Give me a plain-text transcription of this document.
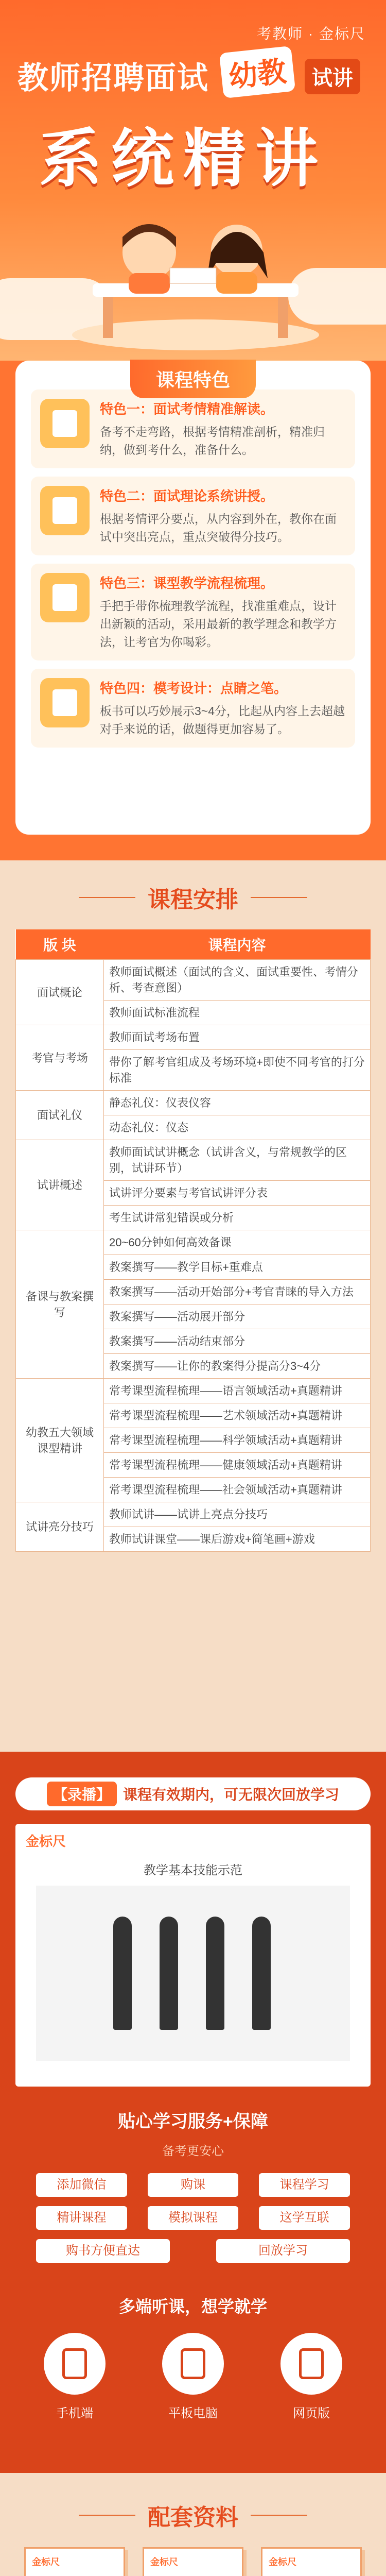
考教师 · 金标尺
教师招聘面试 幼教	试讲
系统精讲
课程特色
特色一：面试考情精准解读。
备考不走弯路，根据考情精准剖析，精准归纳，做到考什么，准备什么。
特色二：面试理论系统讲授。
根据考情评分要点，从内容到外在，教你在面试中突出亮点，重点突破得分技巧。
特色三：课型教学流程梳理。
手把手带你梳理教学流程，找准重难点，设计出新颖的活动，采用最新的教学理念和教学方法，让考官为你喝彩。
特色四：模考设计：点睛之笔。
板书可以巧妙展示3~4分，比起从内容上去超越对手来说的话，做题得更加容易了。
课程安排
版 块	课程内容
面试概论	教师面试概述（面试的含义、面试重要性、考情分析、考查意图）
	教师面试标准流程
考官与考场	教师面试考场布置
	带你了解考官组成及考场环境+即使不同考官的打分标准
面试礼仪	静态礼仪：仪表仪容
	动态礼仪：仪态
试讲概述	教师面试试讲概念（试讲含义，与常规教学的区别，试讲环节）
	试讲评分要素与考官试讲评分表
	考生试讲常犯错误或分析
备课与教案撰写	20~60分钟如何高效备课
	教案撰写——教学目标+重难点
	教案撰写——活动开始部分+考官青睐的导入方法
	教案撰写——活动展开部分
	教案撰写——活动结束部分
	教案撰写——让你的教案得分提高分3~4分
幼教五大领域课型精讲	常考课型流程梳理——语言领域活动+真题精讲
	常考课型流程梳理——艺术领域活动+真题精讲
	常考课型流程梳理——科学领域活动+真题精讲
	常考课型流程梳理——健康领域活动+真题精讲
	常考课型流程梳理——社会领域活动+真题精讲
试讲亮分技巧	教师试讲——试讲上亮点分技巧
	教师试讲课堂——课后游戏+简笔画+游戏
【录播】 课程有效期内，可无限次回放学习
金标尺
教学基本技能示范
贴心学习服务+保障
备考更安心
添加微信	购课	课程学习
精讲课程	模拟课程	这学互联
购书方便直达	回放学习
多端听课，想学就学
手机端	平板电脑	网页版
配套资料
金标尺	金标尺	金标尺
